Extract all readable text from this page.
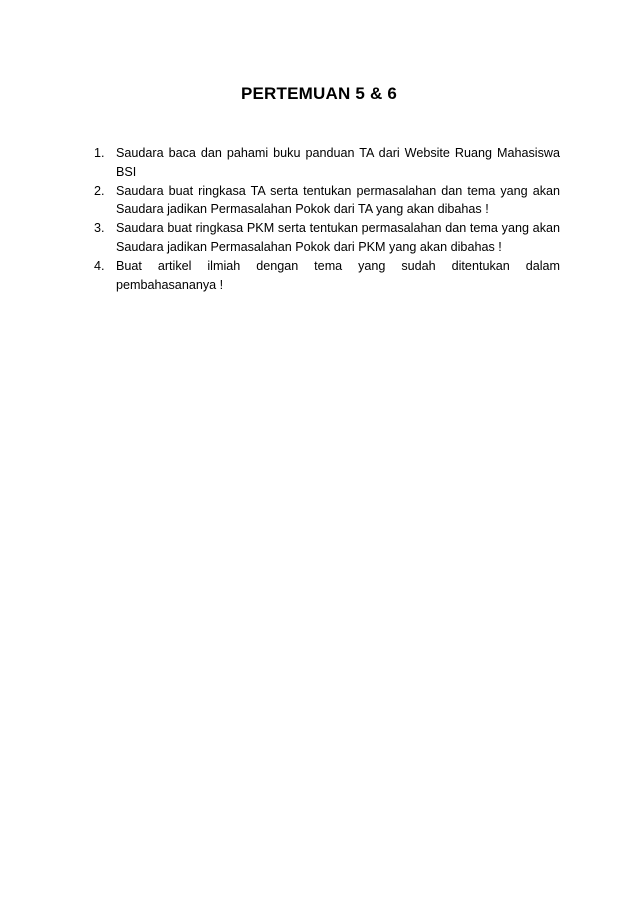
PERTEMUAN 5 & 6
1. Saudara baca dan pahami buku panduan TA dari Website Ruang Mahasiswa BSI
2. Saudara buat ringkasa TA serta tentukan permasalahan dan tema yang akan Saudara jadikan Permasalahan Pokok dari TA yang akan dibahas !
3. Saudara buat ringkasa PKM serta tentukan permasalahan dan tema yang akan Saudara jadikan Permasalahan Pokok dari PKM yang akan dibahas !
4. Buat artikel ilmiah dengan tema yang sudah ditentukan dalam pembahasananya !
